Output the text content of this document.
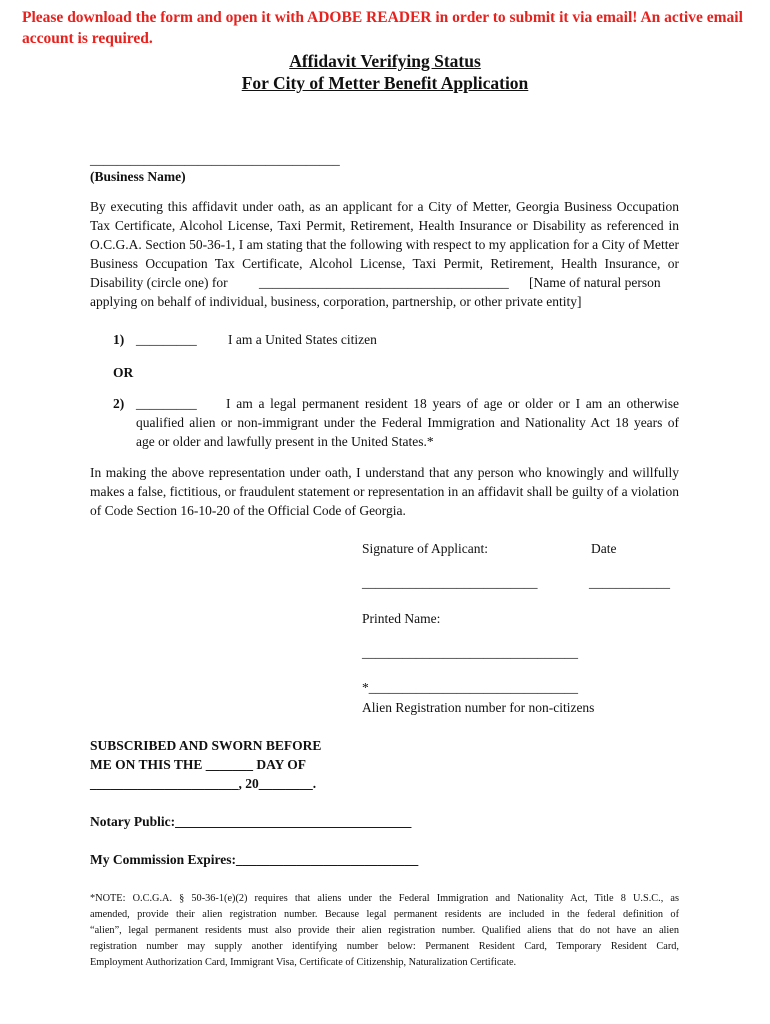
Please download the form and open it with ADOBE READER in order to submit it via email! An active email account is required.
Affidavit Verifying Status
For City of Metter Benefit Application
_____________________________________
(Business Name)
By executing this affidavit under oath, as an applicant for a City of Metter, Georgia Business Occupation
Tax Certificate, Alcohol License, Taxi Permit, Retirement, Health Insurance or Disability as referenced in
O.C.G.A. Section 50-36-1, I am stating that the following with respect to my application for a City of Metter
Business Occupation Tax Certificate, Alcohol License, Taxi Permit, Retirement, Health Insurance, or
Disability (circle one) for _____________________________________ [Name of natural person
applying on behalf of individual, business, corporation, partnership, or other private entity]
1) _________ I am a United States citizen
OR
2) _________ I am a legal permanent resident 18 years of age or older or I am an otherwise
qualified alien or non-immigrant under the Federal Immigration and Nationality Act 18 years of
age or older and lawfully present in the United States.*
In making the above representation under oath, I understand that any person who knowingly and willfully
makes a false, fictitious, or fraudulent statement or representation in an affidavit shall be guilty of a violation
of Code Section 16-10-20 of the Official Code of Georgia.
Signature of Applicant:	Date
__________________________	____________
Printed Name:
________________________________
*_______________________________
Alien Registration number for non-citizens
SUBSCRIBED AND SWORN BEFORE
ME ON THIS THE _______ DAY OF
______________________, 20________.
Notary Public:___________________________________
My Commission Expires:___________________________
*NOTE: O.C.G.A. § 50-36-1(e)(2) requires that aliens under the Federal Immigration and Nationality Act, Title 8 U.S.C., as
amended, provide their alien registration number. Because legal permanent residents are included in the federal definition of
“alien”, legal permanent residents must also provide their alien registration number. Qualified aliens that do not have an alien
registration number may supply another identifying number below: Permanent Resident Card, Temporary Resident Card,
Employment Authorization Card, Immigrant Visa, Certificate of Citizenship, Naturalization Certificate.
